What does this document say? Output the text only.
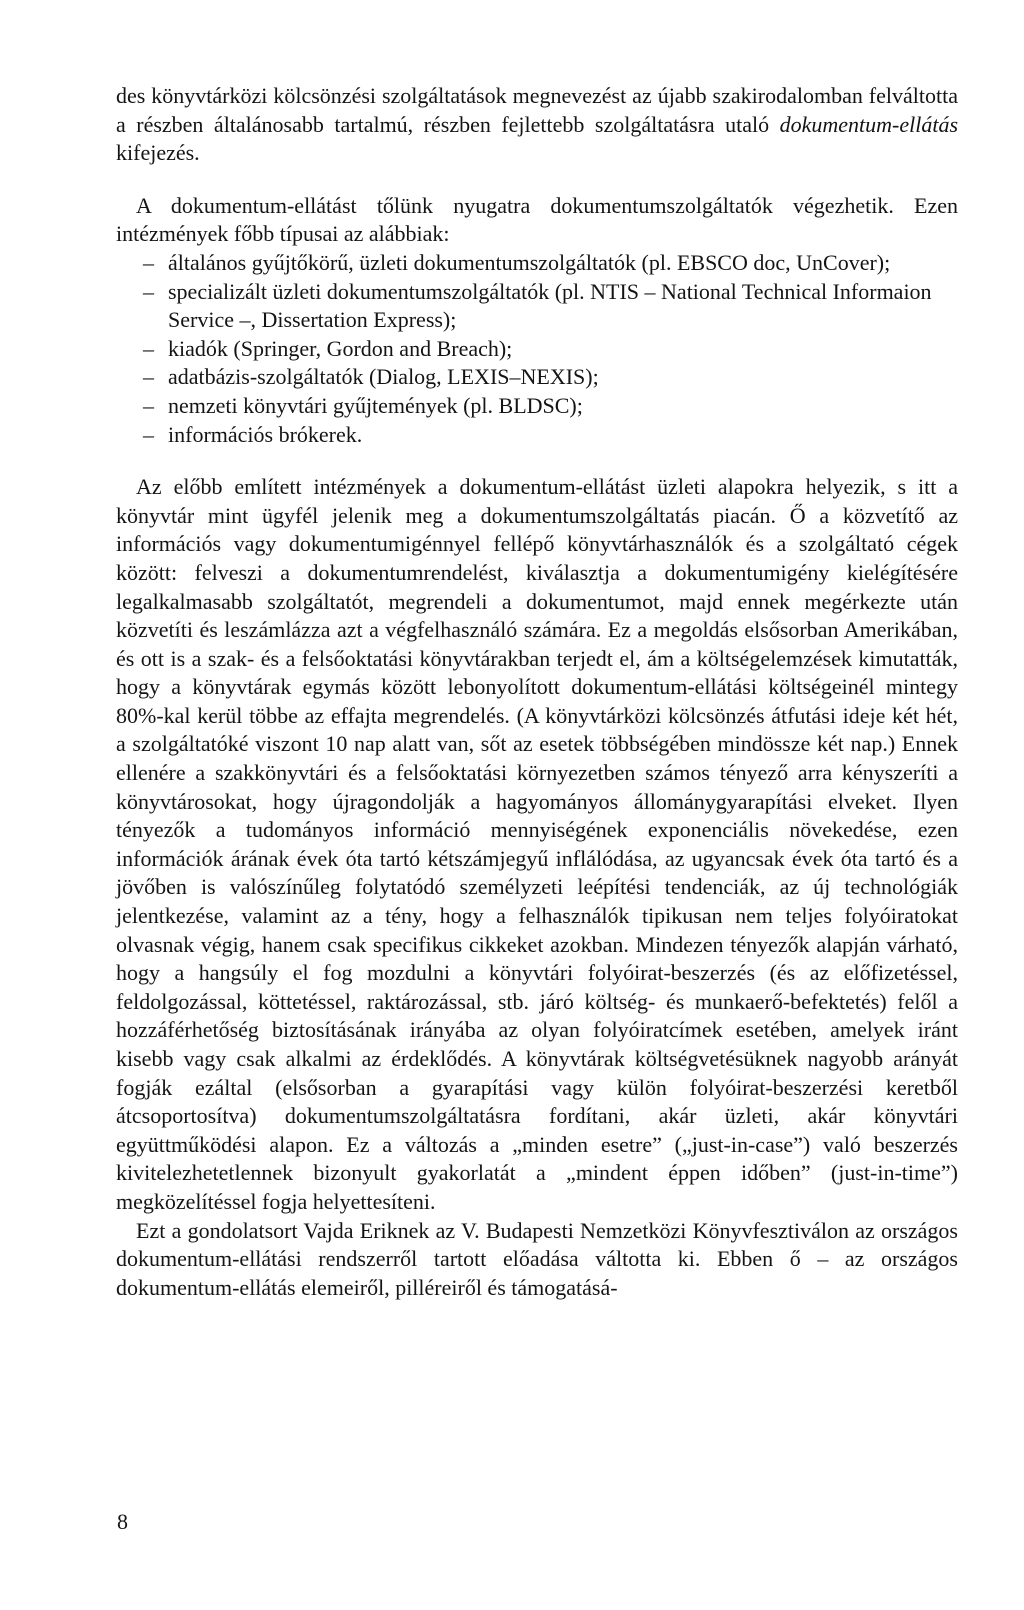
des könyvtárközi kölcsönzési szolgáltatások megnevezést az újabb szakirodalomban felváltotta a részben általánosabb tartalmú, részben fejlettebb szolgáltatásra utaló dokumentum-ellátás kifejezés.

A dokumentum-ellátást tőlünk nyugatra dokumentumszolgáltatók végezhetik. Ezen intézmények főbb típusai az alábbiak:

– általános gyűjtőkörű, üzleti dokumentumszolgáltatók (pl. EBSCO doc, UnCover);
– specializált üzleti dokumentumszolgáltatók (pl. NTIS – National Technical Informaion Service –, Dissertation Express);
– kiadók (Springer, Gordon and Breach);
– adatbázis-szolgáltatók (Dialog, LEXIS–NEXIS);
– nemzeti könyvtári gyűjtemények (pl. BLDSC);
– információs brókerek.

Az előbb említett intézmények a dokumentum-ellátást üzleti alapokra helyezik, s itt a könyvtár mint ügyfél jelenik meg a dokumentumszolgáltatás piacán. Ő a közvetítő az információs vagy dokumentumigénnyel fellépő könyvtárhasználók és a szolgáltató cégek között: felveszi a dokumentumrendelést, kiválasztja a dokumentumigény kielégítésére legalkalmasabb szolgáltatót, megrendeli a dokumentumot, majd ennek megérkezte után közvetíti és leszámlázza azt a végfelhasználó számára. Ez a megoldás elsősorban Amerikában, és ott is a szak- és a felsőoktatási könyvtárakban terjedt el, ám a költségelemzések kimutatták, hogy a könyvtárak egymás között lebonyolított dokumentum-ellátási költségeinél mintegy 80%-kal kerül többe az effajta megrendelés. (A könyvtárközi kölcsönzés átfutási ideje két hét, a szolgáltatóké viszont 10 nap alatt van, sőt az esetek többségében mindössze két nap.) Ennek ellenére a szakkönyvtári és a felsőoktatási környezetben számos tényező arra kényszeríti a könyvtárosokat, hogy újragondolják a hagyományos állománygyarapítási elveket. Ilyen tényezők a tudományos információ mennyiségének exponenciális növekedése, ezen információk árának évek óta tartó kétszámjegyű inflálódása, az ugyancsak évek óta tartó és a jövőben is valószínűleg folytatódó személyzeti leépítési tendenciák, az új technológiák jelentkezése, valamint az a tény, hogy a felhasználók tipikusan nem teljes folyóiratokat olvasnak végig, hanem csak specifikus cikkeket azokban. Mindezen tényezők alapján várható, hogy a hangsúly el fog mozdulni a könyvtári folyóirat-beszerzés (és az előfizetéssel, feldolgozással, köttetéssel, raktározással, stb. járó költség- és munkaerő-befektetés) felől a hozzáférhetőség biztosításának irányába az olyan folyóiratcímek esetében, amelyek iránt kisebb vagy csak alkalmi az érdeklődés. A könyvtárak költségvetésüknek nagyobb arányát fogják ezáltal (elsősorban a gyarapítási vagy külön folyóirat-beszerzési keretből átcsoportosítva) dokumentumszolgáltatásra fordítani, akár üzleti, akár könyvtári együttműködési alapon. Ez a változás a „minden esetre” („just-in-case”) való beszerzés kivitelezhetetlennek bizonyult gyakorlatát a „mindent éppen időben” (just-in-time”) megközelítéssel fogja helyettesíteni.

Ezt a gondolatsort Vajda Eriknek az V. Budapesti Nemzetközi Könyvfesztiválon az országos dokumentum-ellátási rendszerről tartott előadása váltotta ki. Ebben ő – az országos dokumentum-ellátás elemeiről, pilléreiről és támogatásá-

8
